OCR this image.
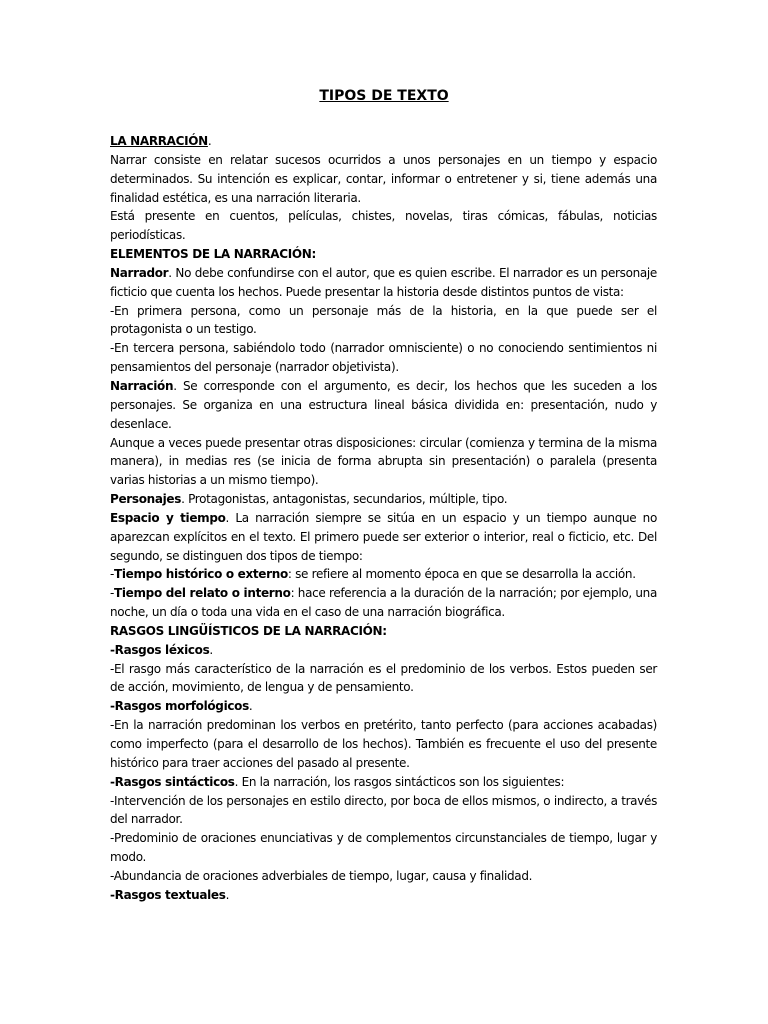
TIPOS DE TEXTO

LA NARRACIÓN.

Narrar consiste en relatar sucesos ocurridos a unos personajes en un tiempo y espacio determinados. Su intención es explicar, contar, informar o entretener y si, tiene además una finalidad estética, es una narración literaria.

Está presente en cuentos, películas, chistes, novelas, tiras cómicas, fábulas, noticias periodísticas.

ELEMENTOS DE LA NARRACIÓN:

Narrador. No debe confundirse con el autor, que es quien escribe. El narrador es un personaje ficticio que cuenta los hechos. Puede presentar la historia desde distintos puntos de vista:

-En primera persona, como un personaje más de la historia, en la que puede ser el protagonista o un testigo.

-En tercera persona, sabiéndolo todo (narrador omnisciente) o no conociendo sentimientos ni pensamientos del personaje (narrador objetivista).

Narración. Se corresponde con el argumento, es decir, los hechos que les suceden a los personajes. Se organiza en una estructura lineal básica dividida en: presentación, nudo y desenlace.

Aunque a veces puede presentar otras disposiciones: circular (comienza y termina de la misma manera), in medias res (se inicia de forma abrupta sin presentación) o paralela (presenta varias historias a un mismo tiempo).

Personajes. Protagonistas, antagonistas, secundarios, múltiple, tipo.

Espacio y tiempo. La narración siempre se sitúa en un espacio y un tiempo aunque no aparezcan explícitos en el texto. El primero puede ser exterior o interior, real o ficticio, etc. Del segundo, se distinguen dos tipos de tiempo:

-Tiempo histórico o externo: se refiere al momento época en que se desarrolla la acción.

-Tiempo del relato o interno: hace referencia a la duración de la narración; por ejemplo, una noche, un día o toda una vida en el caso de una narración biográfica.

RASGOS LINGÜÍSTICOS DE LA NARRACIÓN:

-Rasgos léxicos.

-El rasgo más característico de la narración es el predominio de los verbos. Estos pueden ser de acción, movimiento, de lengua y de pensamiento.

-Rasgos morfológicos.

-En la narración predominan los verbos en pretérito, tanto perfecto (para acciones acabadas) como imperfecto (para el desarrollo de los hechos). También es frecuente el uso del presente histórico para traer acciones del pasado al presente.

-Rasgos sintácticos. En la narración, los rasgos sintácticos son los siguientes:

-Intervención de los personajes en estilo directo, por boca de ellos mismos, o indirecto, a través del narrador.

-Predominio de oraciones enunciativas y de complementos circunstanciales de tiempo, lugar y modo.

-Abundancia de oraciones adverbiales de tiempo, lugar, causa y finalidad.

-Rasgos textuales.
